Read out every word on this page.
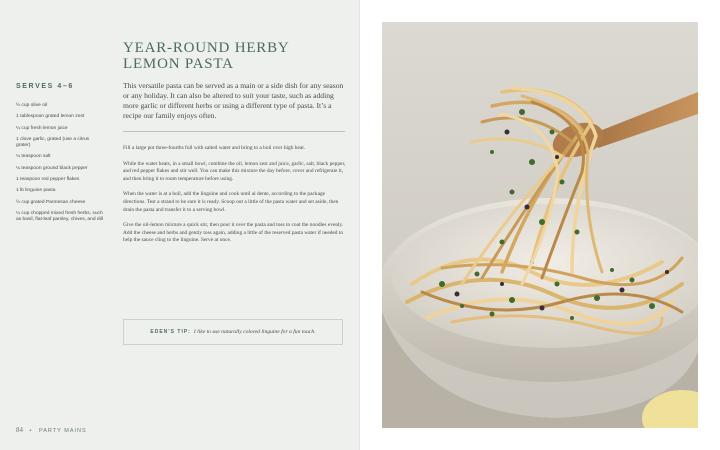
SERVES 4–6
½ cup olive oil
1 tablespoon grated lemon zest
¼ cup fresh lemon juice
1 clove garlic, grated (use a citrus grater)
¼ teaspoon salt
¼ teaspoon ground black pepper
1 teaspoon red pepper flakes
1 lb linguine pasta
½ cup grated Parmesan cheese
¼ cup chopped mixed fresh herbs, such as basil, flat-leaf parsley, chives, and dill
YEAR-ROUND HERBY
LEMON PASTA
This versatile pasta can be served as a main or a side dish for any season or any holiday. It can also be altered to suit your taste, such as adding more garlic or different herbs or using a different type of pasta. It’s a recipe our family enjoys often.

Fill a large pot three-fourths full with salted water and bring to a boil over high heat.

While the water heats, in a small bowl, combine the oil, lemon zest and juice, garlic, salt, black pepper, and red pepper flakes and stir well. You can make this mixture the day before, cover and refrigerate it, and then bring it to room temperature before using.

When the water is at a boil, add the linguine and cook until al dente, according to the package directions. Test a strand to be sure it is ready. Scoop out a little of the pasta water and set aside, then drain the pasta and transfer it to a serving bowl.

Give the oil-lemon mixture a quick stir, then pour it over the pasta and toss to coat the noodles evenly. Add the cheese and herbs and gently toss again, adding a little of the reserved pasta water if needed to help the sauce cling to the linguine. Serve at once.

EDEN’S TIP: I like to use naturally colored linguine for a fun touch.
84 • PARTY MAINS
